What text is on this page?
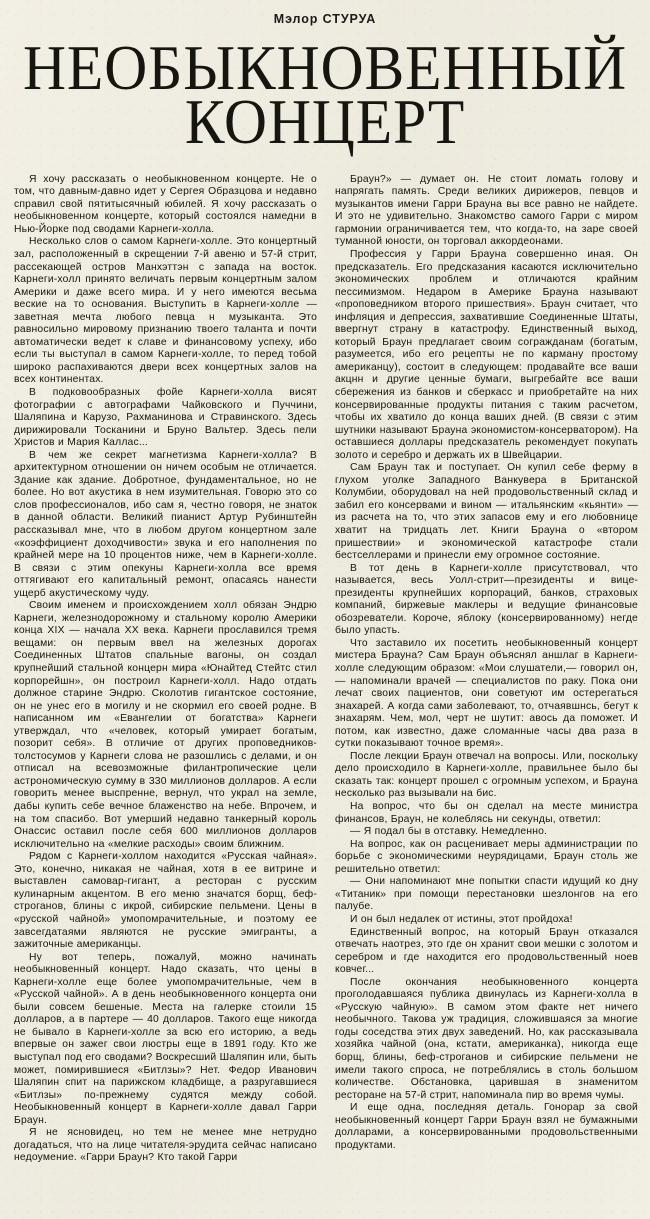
Мэлор СТУРУА
НЕОБЫКНОВЕННЫЙ
КОНЦЕРТ

Я хочу рассказать о необыкновенном концерте. Не о том, что давным-давно идет у Сергея Образцова и недавно справил свой пятитысячный юбилей. Я хочу рассказать о необыкновенном концерте, который состоялся намедни в Нью-Йорке под сводами Карнеги-холла.

Несколько слов о самом Карнеги-холле. Это концертный зал, расположенный в скрещении 7-й авеню и 57-й стрит, рассекающей остров Манхэттэн с запада на восток. Карнеги-холл принято величать первым концертным залом Америки и даже всего мира. И у него имеются весьма веские на то основания. Выступить в Карнеги-холле — заветная мечта любого певца н музыканта. Это равносильно мировому признанию твоего таланта и почти автоматически ведет к славе и финансовому успеху, ибо если ты выступал в самом Карнеги-холле, то перед тобой широко распахиваются двери всех концертных залов на всех континентах.

В подковообразных фойе Карнеги-холла висят фотографии с автографами Чайковского и Пуччини, Шаляпина и Карузо, Рахманинова и Стравинского. Здесь дирижировали Тосканини и Бруно Вальтер. Здесь пели Христов и Мария Каллас...

В чем же секрет магнетизма Карнеги-холла? В архитектурном отношении он ничем особым не отличается. Здание как здание. Добротное, фундаментальное, но не более. Но вот акустика в нем изумительная. Говорю это со слов профессионалов, ибо сам я, честно говоря, не знаток в данной области. Великий пианист Артур Рубинштейн рассказывал мне, что в любом другом концертном зале «коэффициент доходчивости» звука и его наполнения по крайней мере на 10 процентов ниже, чем в Карнеги-холле. В связи с этим опекуны Карнеги-холла все время оттягивают его капитальный ремонт, опасаясь нанести ущерб акустическому чуду.

Своим именем и происхождением холл обязан Эндрю Карнеги, железнодорожному и стальному королю Америки конца XIX — начала XX века. Карнеги прославился тремя вещами: он первым ввел на железных дорогах Соединенных Штатов спальные вагоны, он создал крупнейший стальной концерн мира «Юнайтед Стейтс стил корпорейшн», он построил Карнеги-холл. Надо отдать должное старине Эндрю. Сколотив гигантское состояние, он не унес его в могилу и не скормил его своей родне. В написанном им «Евангелии от богатства» Карнеги утверждал, что «человек, который умирает богатым, позорит себя». В отличие от других проповедников-толстосумов у Карнеги слова не разошлись с делами, и он отписал на всевозможные филантропические цели астрономическую сумму в 330 миллионов долларов. А если говорить менее выспренне, вернул, что украл на земле, дабы купить себе вечное блаженство на небе. Впрочем, и на том спасибо. Вот умерший недавно танкерный король Онассис оставил после себя 600 миллионов долларов исключительно на «мелкие расходы» своим ближним.

Рядом с Карнеги-холлом находится «Русская чайная». Это, конечно, никакая не чайная, хотя в ее витрине и выставлен самовар-гигант, а ресторан с русским кулинарным акцентом. В его меню значатся борщ, беф-строганов, блины с икрой, сибирские пельмени. Цены в «русской чайной» умопомрачительные, и поэтому ее завсегдатаями являются не русские эмигранты, а зажиточные американцы.

Ну вот теперь, пожалуй, можно начинать необыкновенный концерт. Надо сказать, что цены в Карнеги-холле еще более умопомрачительные, чем в «Русской чайной». А в день необыкновенного концерта они были совсем бешеные. Места на галерке стоили 15 долларов, а в партере — 40 долларов. Такого еще никогда не бывало в Карнеги-холле за всю его историю, а ведь впервые он зажег свои люстры еще в 1891 году. Кто же выступал под его сводами? Воскресший Шаляпин или, быть может, помирившиеся «Битлзы»? Нет. Федор Иванович Шаляпин спит на парижском кладбище, а разругавшиеся «Битлзы» по-прежнему судятся между собой. Необыкновенный концерт в Карнеги-холле давал Гарри Браун.

Я не ясновидец, но тем не менее мне нетрудно догадаться, что на лице читателя-эрудита сейчас написано недоумение. «Гарри Браун? Кто такой Гарри

Браун?» — думает он. Не стоит ломать голову и напрягать память. Среди великих дирижеров, певцов и музыкантов имени Гарри Брауна вы все равно не найдете. И это не удивительно. Знакомство самого Гарри с миром гармонии ограничивается тем, что когда-то, на заре своей туманной юности, он торговал аккордеонами.

Профессия у Гарри Брауна совершенно иная. Он предсказатель. Его предсказания касаются исключительно экономических проблем и отличаются крайним пессимизмом. Недаром в Америке Брауна называют «проповедником второго пришествия». Браун считает, что инфляция и депрессия, захватившие Соединенные Штаты, ввергнут страну в катастрофу. Единственный выход, который Браун предлагает своим согражданам (богатым, разумеется, ибо его рецепты не по карману простому американцу), состоит в следующем: продавайте все ваши акцнн и другие ценные бумаги, выгребайте все ваши сбережения из банков и сберкасс и приобретайте на них консервированные продукты питания с таким расчетом, чтобы их хватило до конца ваших дней. (В связи с этим шутники называют Брауна экономистом-консерватором). На оставшиеся доллары предсказатель рекомендует покупать золото и серебро и держать их в Швейцарии.

Сам Браун так и поступает. Он купил себе ферму в глухом уголке Западного Ванкувера в Британской Колумбии, оборудовал на ней продовольственный склад и забил его консервами и вином — итальянским «кьянти» — из расчета на то, что этих запасов ему и его любовнице хватит на тридцать лет. Книги Брауна о «втором пришествии» и экономической катастрофе стали бестселлерами и принесли ему огромное состояние.

В тот день в Карнеги-холле присутствовал, что называется, весь Уолл-стрит—президенты и вице-президенты крупнейших корпораций, банков, страховых компаний, биржевые маклеры и ведущие финансовые обозреватели. Короче, яблоку (консервированному) негде было упасть.

Что заставило их посетить необыкновенный концерт мистера Брауна? Сам Браун объяснял аншлаг в Карнеги-холле следующим образом: «Мои слушатели,— говорил он,— напоминали врачей — специалистов по раку. Пока они лечат своих пациентов, они советуют им остерегаться знахарей. А когда сами заболевают, то, отчаявшнсь, бегут к знахарям. Чем, мол, черт не шутит: авось да поможет. И потом, как известно, даже сломанные часы два раза в сутки показывают точное время».

После лекции Браун отвечал на вопросы. Или, поскольку дело происходило в Карнеги-холле, правильнее было бы сказать так: концерт прошел с огромным успехом, и Брауна несколько раз вызывали на бис.

На вопрос, что бы он сделал на месте министра финансов, Браун, не колеблясь ни секунды, ответил:

— Я подал бы в отставку. Немедленно.

На вопрос, как он расценивает меры администрации по борьбе с экономическими неурядицами, Браун столь же решительно ответил:

— Они напоминают мне попытки спасти идущий ко дну «Титаник» при помощи перестановки шезлонгов на его палубе.

И он был недалек от истины, этот пройдоха!

Единственный вопрос, на который Браун отказался отвечать наотрез, это где он хранит свои мешки с золотом и серебром и где находится его продовольственный ноев ковчег...

После окончания необыкновенного концерта проголодавшаяся публика двинулась из Карнеги-холла в «Русскую чайную». В самом этом факте нет ничего необычного. Такова уж традиция, сложившаяся за многие годы соседства этих двух заведений. Но, как рассказывала хозяйка чайной (она, кстати, американка), никогда еще борщ, блины, беф-строганов и сибирские пельмени не имели такого спроса, не потреблялись в столь большом количестве. Обстановка, царившая в знаменитом ресторане на 57-й стрит, напоминала пир во время чумы.

И еще одна, последняя деталь. Гонорар за свой необыкновенный концерт Гарри Браун взял не бумажными долларами, а консервированными продовольственными продуктами.
